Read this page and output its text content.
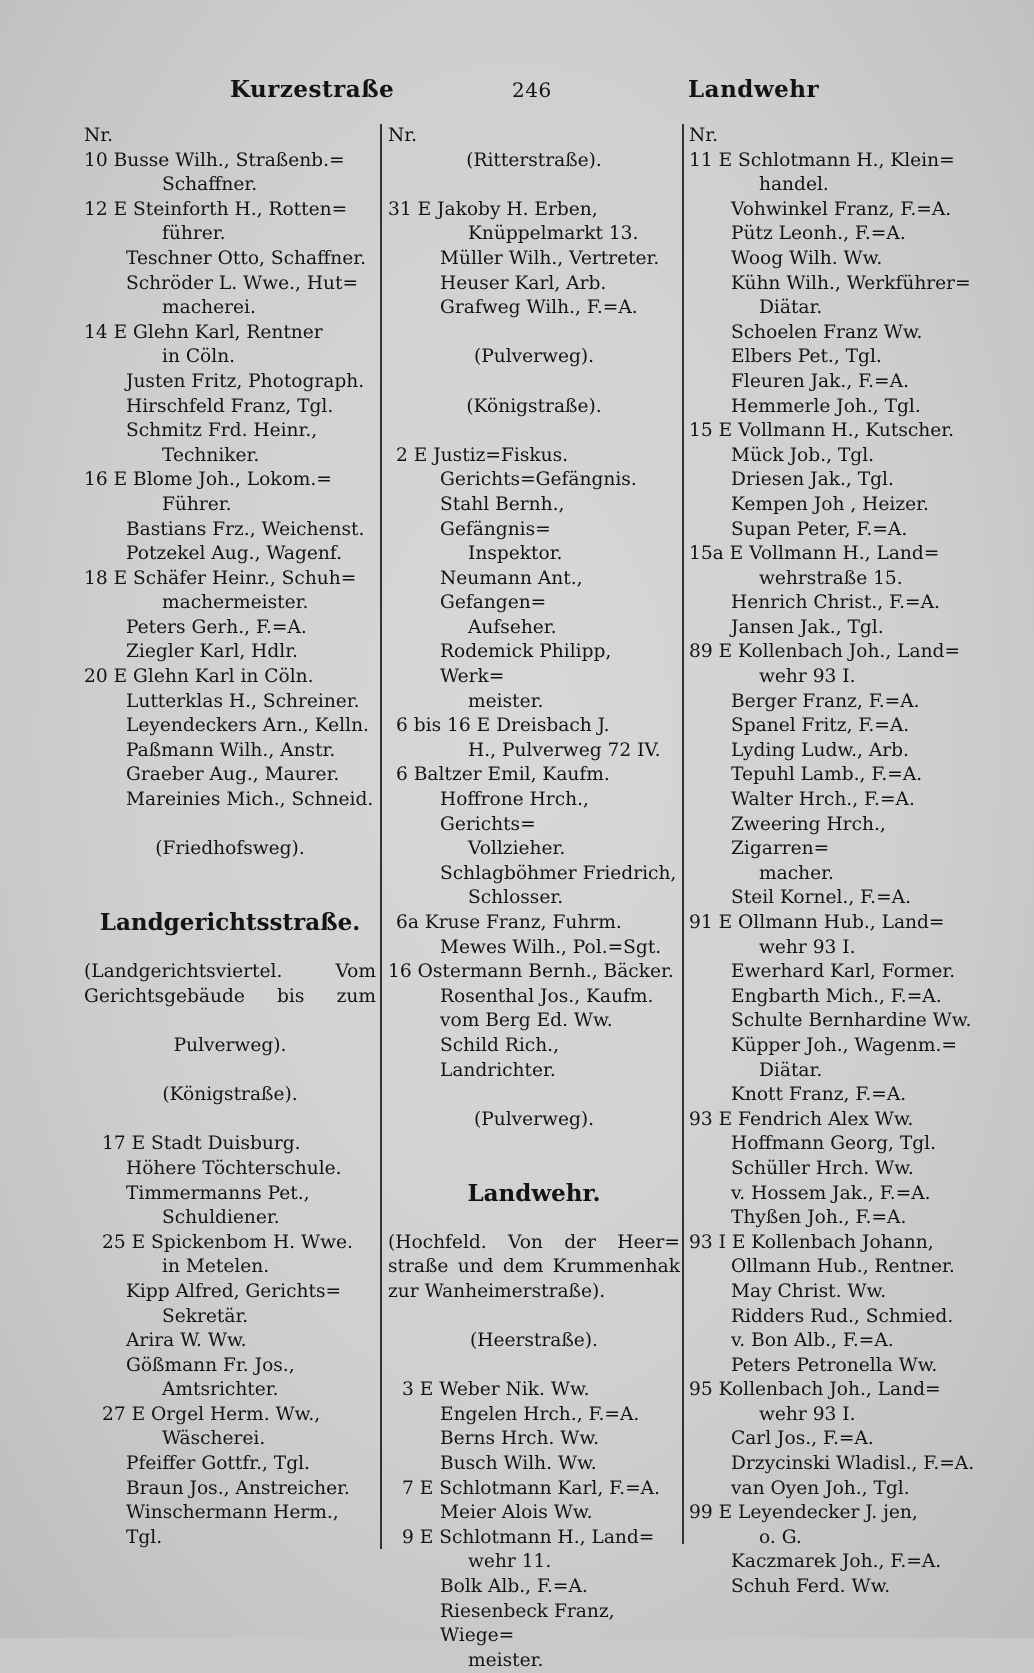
Kurzestraße	246	Landwehr
Nr.
10 Busse Wilh., Straßenb.=
Schaffner.
12 E Steinforth H., Rotten=
führer.
Teschner Otto, Schaffner.
Schröder L. Wwe., Hut=
macherei.
14 E Glehn Karl, Rentner
in Cöln.
Justen Fritz, Photograph.
Hirschfeld Franz, Tgl.
Schmitz Frd. Heinr.,
Techniker.
16 E Blome Joh., Lokom.=
Führer.
Bastians Frz., Weichenst.
Potzekel Aug., Wagenf.
18 E Schäfer Heinr., Schuh=
machermeister.
Peters Gerh., F.=A.
Ziegler Karl, Hdlr.
20 E Glehn Karl in Cöln.
Lutterklas H., Schreiner.
Leyendeckers Arn., Kelln.
Paßmann Wilh., Anstr.
Graeber Aug., Maurer.
Mareinies Mich., Schneid.
(Friedhofsweg).
Landgerichtsstraße.
(Landgerichtsviertel. Vom
Gerichtsgebäude bis zum
Pulverweg).
(Königstraße).
17 E Stadt Duisburg.
Höhere Töchterschule.
Timmermanns Pet.,
Schuldiener.
25 E Spickenbom H. Wwe.
in Metelen.
Kipp Alfred, Gerichts=
Sekretär.
Arira W. Ww.
Gößmann Fr. Jos.,
Amtsrichter.
27 E Orgel Herm. Ww.,
Wäscherei.
Pfeiffer Gottfr., Tgl.
Braun Jos., Anstreicher.
Winschermann Herm., Tgl.
Nr.
(Ritterstraße).
31 E Jakoby H. Erben,
Knüppelmarkt 13.
Müller Wilh., Vertreter.
Heuser Karl, Arb.
Grafweg Wilh., F.=A.
(Pulverweg).
(Königstraße).
2 E Justiz=Fiskus.
Gerichts=Gefängnis.
Stahl Bernh., Gefängnis=
Inspektor.
Neumann Ant., Gefangen=
Aufseher.
Rodemick Philipp, Werk=
meister.
6 bis 16 E Dreisbach J.
H., Pulverweg 72 IV.
6 Baltzer Emil, Kaufm.
Hoffrone Hrch., Gerichts=
Vollzieher.
Schlagböhmer Friedrich,
Schlosser.
6a Kruse Franz, Fuhrm.
Mewes Wilh., Pol.=Sgt.
16 Ostermann Bernh., Bäcker.
Rosenthal Jos., Kaufm.
vom Berg Ed. Ww.
Schild Rich., Landrichter.
(Pulverweg).
Landwehr.
(Hochfeld. Von der Heer=
straße und dem Krummenhak
zur Wanheimerstraße).
(Heerstraße).
3 E Weber Nik. Ww.
Engelen Hrch., F.=A.
Berns Hrch. Ww.
Busch Wilh. Ww.
7 E Schlotmann Karl, F.=A.
Meier Alois Ww.
9 E Schlotmann H., Land=
wehr 11.
Bolk Alb., F.=A.
Riesenbeck Franz, Wiege=
meister.
Nr.
11 E Schlotmann H., Klein=
handel.
Vohwinkel Franz, F.=A.
Pütz Leonh., F.=A.
Woog Wilh. Ww.
Kühn Wilh., Werkführer=
Diätar.
Schoelen Franz Ww.
Elbers Pet., Tgl.
Fleuren Jak., F.=A.
Hemmerle Joh., Tgl.
15 E Vollmann H., Kutscher.
Mück Job., Tgl.
Driesen Jak., Tgl.
Kempen Joh , Heizer.
Supan Peter, F.=A.
15a E Vollmann H., Land=
wehrstraße 15.
Henrich Christ., F.=A.
Jansen Jak., Tgl.
89 E Kollenbach Joh., Land=
wehr 93 I.
Berger Franz, F.=A.
Spanel Fritz, F.=A.
Lyding Ludw., Arb.
Tepuhl Lamb., F.=A.
Walter Hrch., F.=A.
Zweering Hrch., Zigarren=
macher.
Steil Kornel., F.=A.
91 E Ollmann Hub., Land=
wehr 93 I.
Ewerhard Karl, Former.
Engbarth Mich., F.=A.
Schulte Bernhardine Ww.
Küpper Joh., Wagenm.=
Diätar.
Knott Franz, F.=A.
93 E Fendrich Alex Ww.
Hoffmann Georg, Tgl.
Schüller Hrch. Ww.
v. Hossem Jak., F.=A.
Thyßen Joh., F.=A.
93 I E Kollenbach Johann,
Ollmann Hub., Rentner.
May Christ. Ww.
Ridders Rud., Schmied.
v. Bon Alb., F.=A.
Peters Petronella Ww.
95 Kollenbach Joh., Land=
wehr 93 I.
Carl Jos., F.=A.
Drzycinski Wladisl., F.=A.
van Oyen Joh., Tgl.
99 E Leyendecker J. jen,
o. G.
Kaczmarek Joh., F.=A.
Schuh Ferd. Ww.
